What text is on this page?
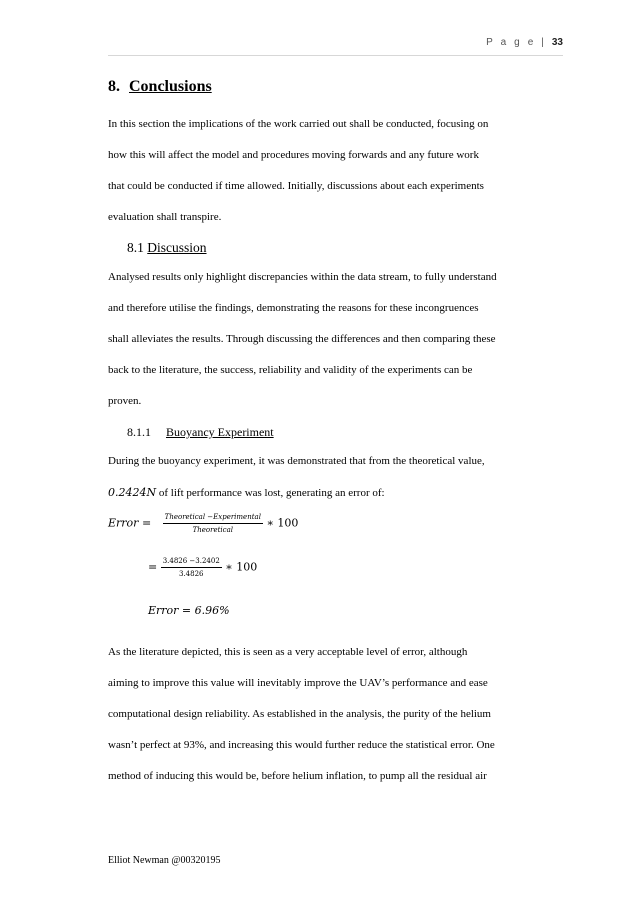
P a g e | 33
8. Conclusions

In this section the implications of the work carried out shall be conducted, focusing on
how this will affect the model and procedures moving forwards and any future work
that could be conducted if time allowed. Initially, discussions about each experiments
evaluation shall transpire.

8.1 Discussion

Analysed results only highlight discrepancies within the data stream, to fully understand
and therefore utilise the findings, demonstrating the reasons for these incongruences
shall alleviates the results. Through discussing the differences and then comparing these
back to the literature, the success, reliability and validity of the experiments can be
proven.

8.1.1 Buoyancy Experiment

During the buoyancy experiment, it was demonstrated that from the theoretical value,
0.2424N of lift performance was lost, generating an error of:

Error = $\frac{\text{Theoretical −Experimental}}{\text{Theoretical}}$ ∗ 100
= $\frac{3.4826 -3.2402}{3.4826}$ ∗ 100
Error = 6.96%

As the literature depicted, this is seen as a very acceptable level of error, although
aiming to improve this value will inevitably improve the UAV’s performance and ease
computational design reliability. As established in the analysis, the purity of the helium
wasn’t perfect at 93%, and increasing this would further reduce the statistical error. One
method of inducing this would be, before helium inflation, to pump all the residual air

Elliot Newman @00320195
